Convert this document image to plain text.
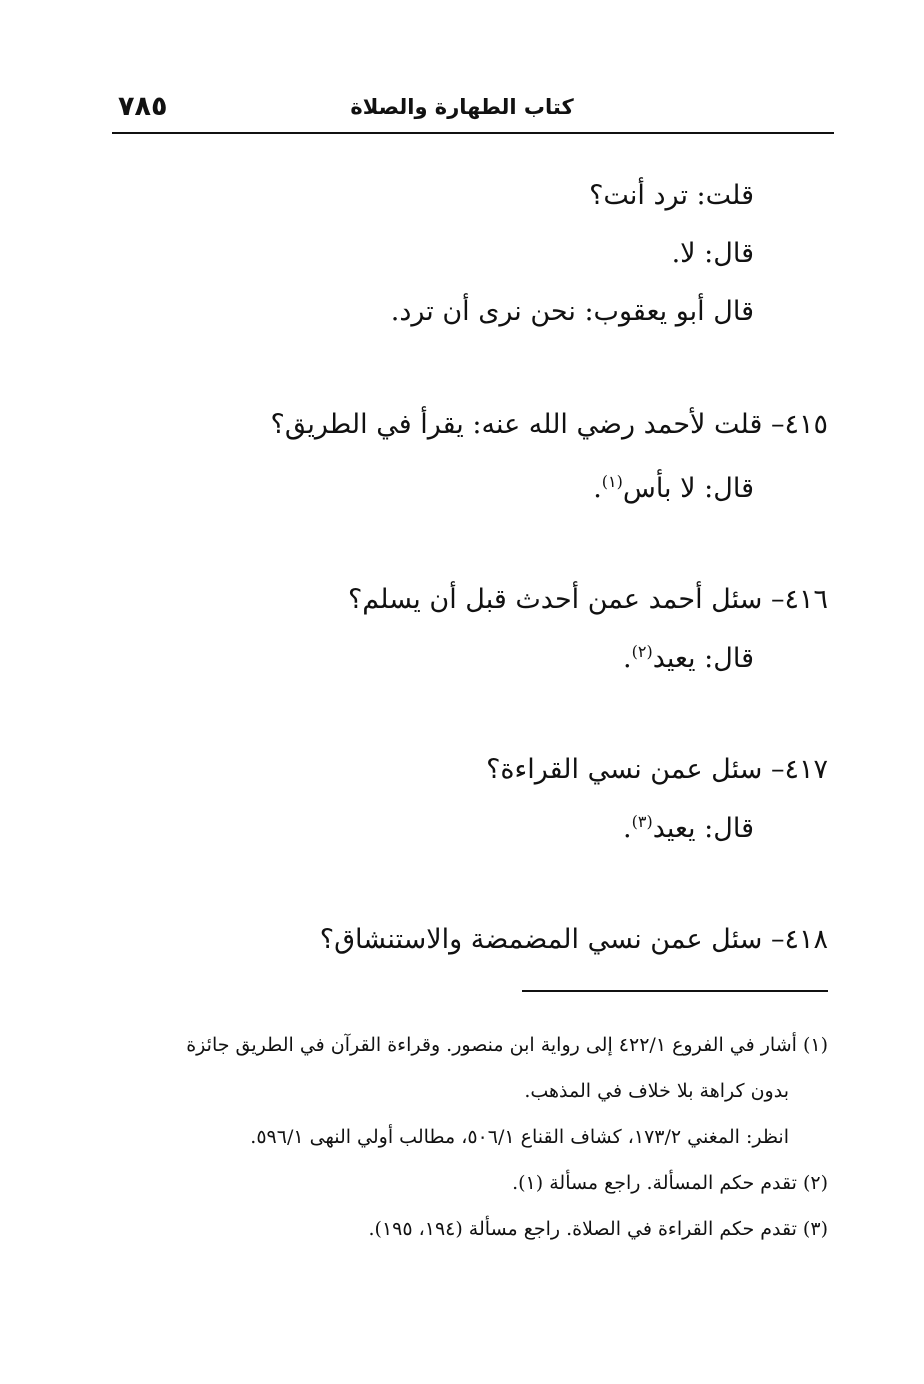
كتاب الطهارة والصلاة
٧٨٥
قلت: ترد أنت؟
قال: لا.
قال أبو يعقوب: نحن نرى أن ترد.
٤١٥– قلت لأحمد رضي الله عنه: يقرأ في الطريق؟
قال: لا بأس$^{(١)}$.
٤١٦– سئل أحمد عمن أحدث قبل أن يسلم؟
قال: يعيد$^{(٢)}$.
٤١٧– سئل عمن نسي القراءة؟
قال: يعيد$^{(٣)}$.
٤١٨– سئل عمن نسي المضمضة والاستنشاق؟
(١) أشار في الفروع ٤٢٢/١ إلى رواية ابن منصور. وقراءة القرآن في الطريق جائزة
بدون كراهة بلا خلاف في المذهب.
انظر: المغني ١٧٣/٢، كشاف القناع ٥٠٦/١، مطالب أولي النهى ٥٩٦/١.
(٢) تقدم حكم المسألة. راجع مسألة (١).
(٣) تقدم حكم القراءة في الصلاة. راجع مسألة (١٩٤، ١٩٥).
